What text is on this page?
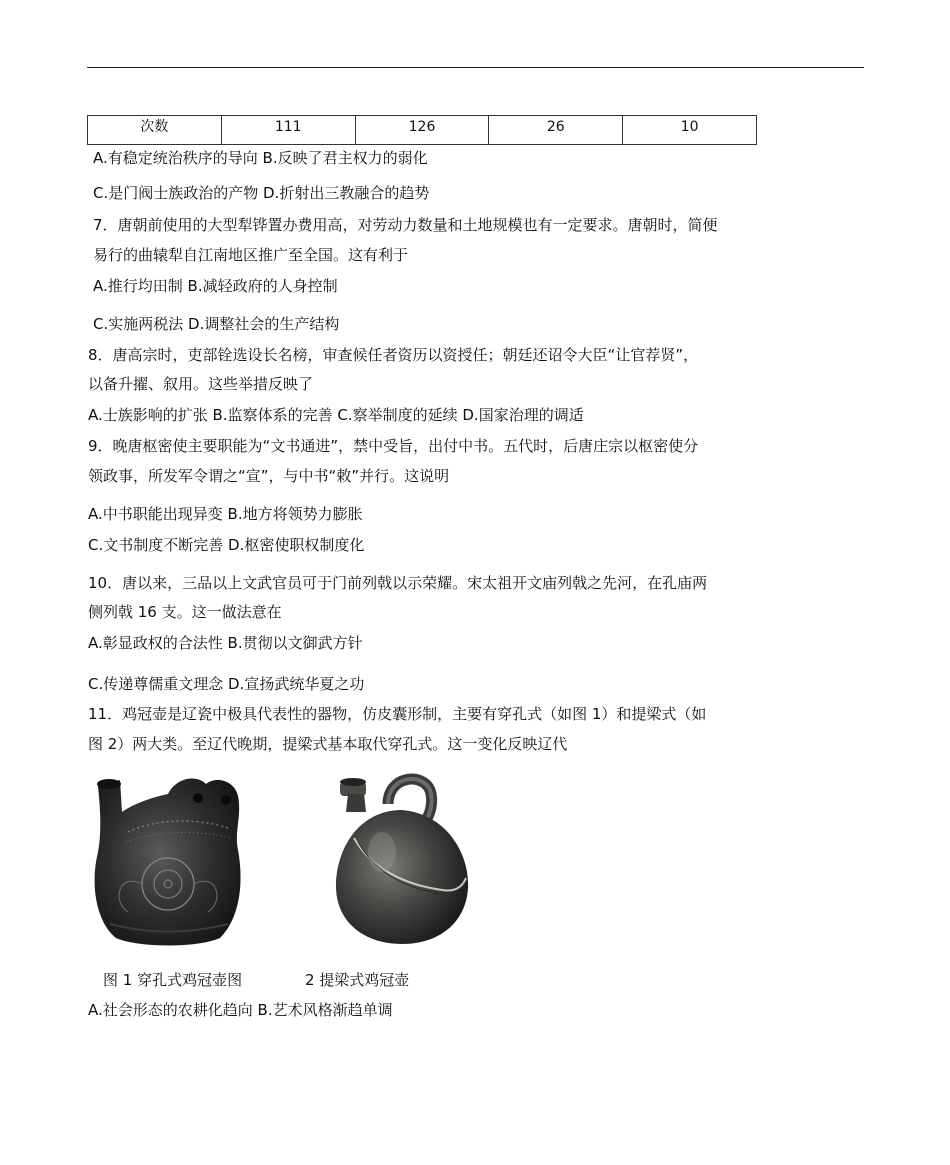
次数	111	126	26	10
A.有稳定统治秩序的导向 B.反映了君主权力的弱化
C.是门阀士族政治的产物 D.折射出三教融合的趋势
7．唐朝前使用的大型犁铧置办费用高，对劳动力数量和土地规模也有一定要求。唐朝时，简便
易行的曲辕犁自江南地区推广至全国。这有利于
A.推行均田制 B.减轻政府的人身控制
C.实施两税法 D.调整社会的生产结构
8．唐高宗时，吏部铨选设长名榜，审查候任者资历以资授任；朝廷还诏令大臣“让官荐贤”，
以备升擢、叙用。这些举措反映了
A.士族影响的扩张 B.监察体系的完善 C.察举制度的延续 D.国家治理的调适
9．晚唐枢密使主要职能为“文书通进”，禁中受旨，出付中书。五代时，后唐庄宗以枢密使分
领政事，所发军令谓之“宣”，与中书“敕”并行。这说明
A.中书职能出现异变 B.地方将领势力膨胀
C.文书制度不断完善 D.枢密使职权制度化
10．唐以来，三品以上文武官员可于门前列戟以示荣耀。宋太祖开文庙列戟之先河，在孔庙两
侧列戟 16 支。这一做法意在
A.彰显政权的合法性 B.贯彻以文御武方针
C.传递尊儒重文理念 D.宣扬武统华夏之功
11．鸡冠壶是辽瓷中极具代表性的器物，仿皮囊形制，主要有穿孔式（如图 1）和提梁式（如
图 2）两大类。至辽代晚期，提梁式基本取代穿孔式。这一变化反映辽代
图 1 穿孔式鸡冠壶图	2 提梁式鸡冠壶
A.社会形态的农耕化趋向 B.艺术风格渐趋单调
